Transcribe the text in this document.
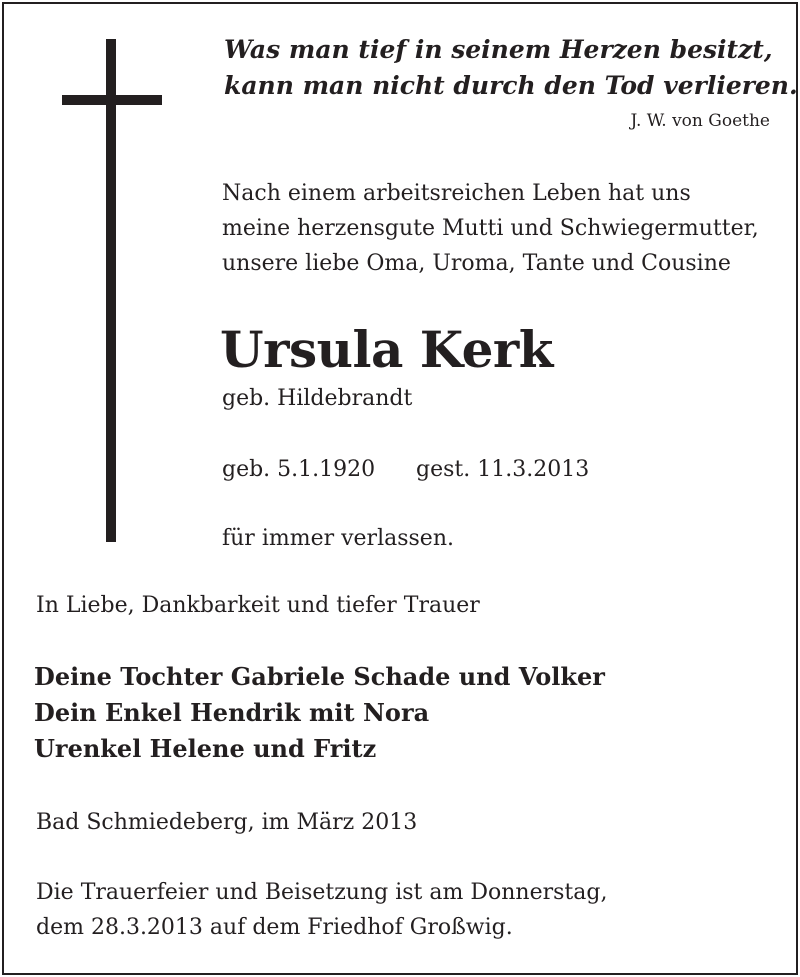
Was man tief in seinem Herzen besitzt,
kann man nicht durch den Tod verlieren.
J. W. von Goethe
Nach einem arbeitsreichen Leben hat uns
meine herzensgute Mutti und Schwiegermutter,
unsere liebe Oma, Uroma, Tante und Cousine
Ursula Kerk
geb. Hildebrandt
geb. 5.1.1920 gest. 11.3.2013
für immer verlassen.
In Liebe, Dankbarkeit und tiefer Trauer
Deine Tochter Gabriele Schade und Volker
Dein Enkel Hendrik mit Nora
Urenkel Helene und Fritz
Bad Schmiedeberg, im März 2013
Die Trauerfeier und Beisetzung ist am Donnerstag,
dem 28.3.2013 auf dem Friedhof Großwig.
